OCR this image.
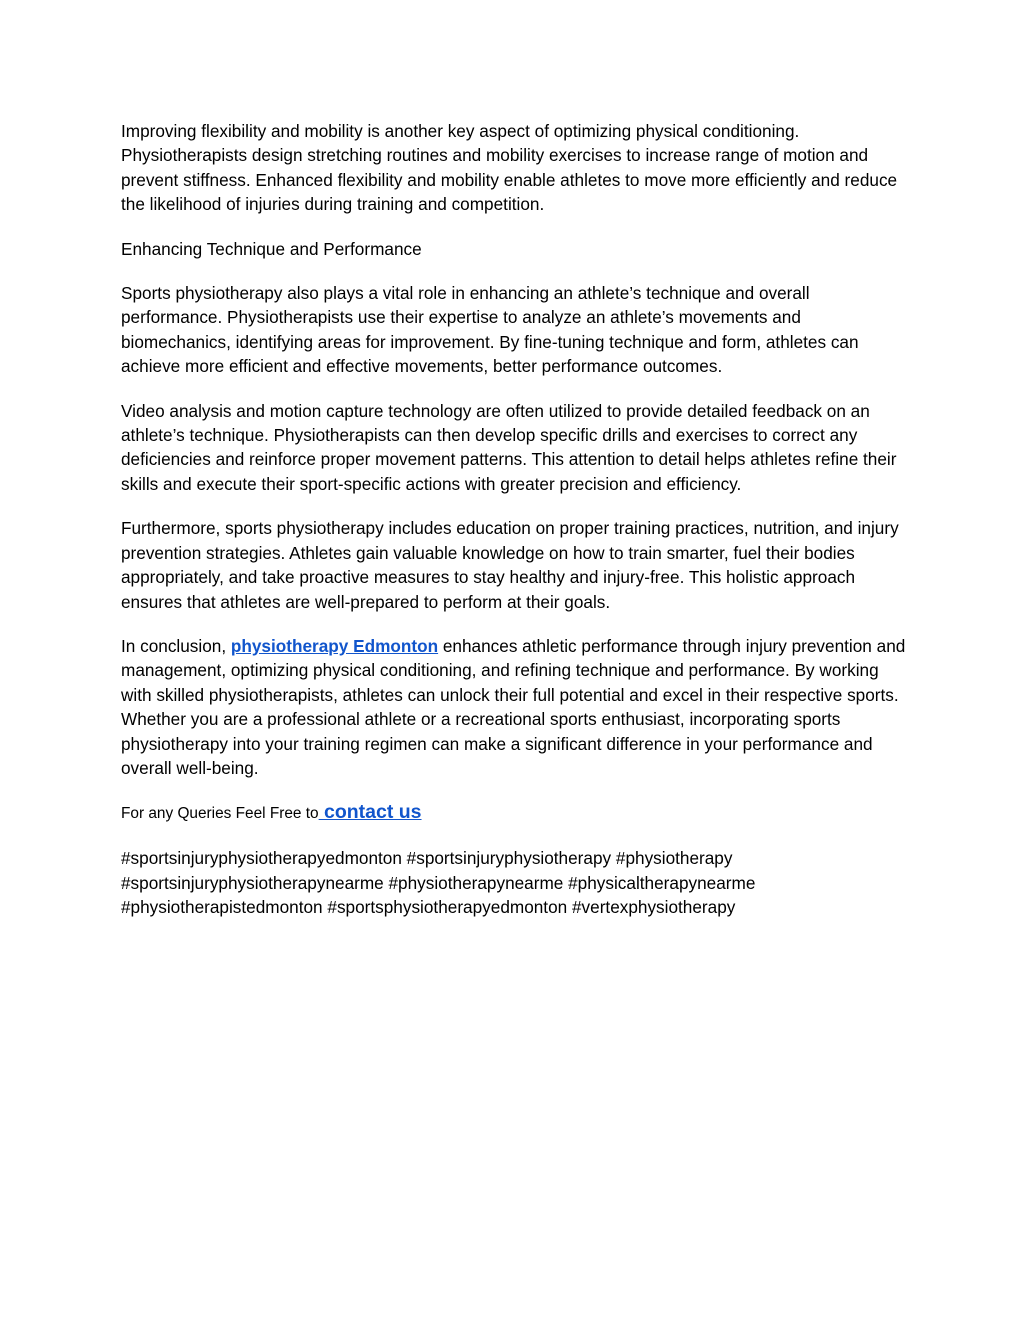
Improving flexibility and mobility is another key aspect of optimizing physical conditioning. Physiotherapists design stretching routines and mobility exercises to increase range of motion and prevent stiffness. Enhanced flexibility and mobility enable athletes to move more efficiently and reduce the likelihood of injuries during training and competition.

Enhancing Technique and Performance

Sports physiotherapy also plays a vital role in enhancing an athlete’s technique and overall performance. Physiotherapists use their expertise to analyze an athlete’s movements and biomechanics, identifying areas for improvement. By fine-tuning technique and form, athletes can achieve more efficient and effective movements, better performance outcomes.

Video analysis and motion capture technology are often utilized to provide detailed feedback on an athlete’s technique. Physiotherapists can then develop specific drills and exercises to correct any deficiencies and reinforce proper movement patterns. This attention to detail helps athletes refine their skills and execute their sport-specific actions with greater precision and efficiency.

Furthermore, sports physiotherapy includes education on proper training practices, nutrition, and injury prevention strategies. Athletes gain valuable knowledge on how to train smarter, fuel their bodies appropriately, and take proactive measures to stay healthy and injury-free. This holistic approach ensures that athletes are well-prepared to perform at their goals.

In conclusion, physiotherapy Edmonton enhances athletic performance through injury prevention and management, optimizing physical conditioning, and refining technique and performance. By working with skilled physiotherapists, athletes can unlock their full potential and excel in their respective sports. Whether you are a professional athlete or a recreational sports enthusiast, incorporating sports physiotherapy into your training regimen can make a significant difference in your performance and overall well-being.

For any Queries Feel Free to contact us

#sportsinjuryphysiotherapyedmonton #sportsinjuryphysiotherapy #physiotherapy
#sportsinjuryphysiotherapynearme #physiotherapynearme #physicaltherapynearme
#physiotherapistedmonton #sportsphysiotherapyedmonton #vertexphysiotherapy
